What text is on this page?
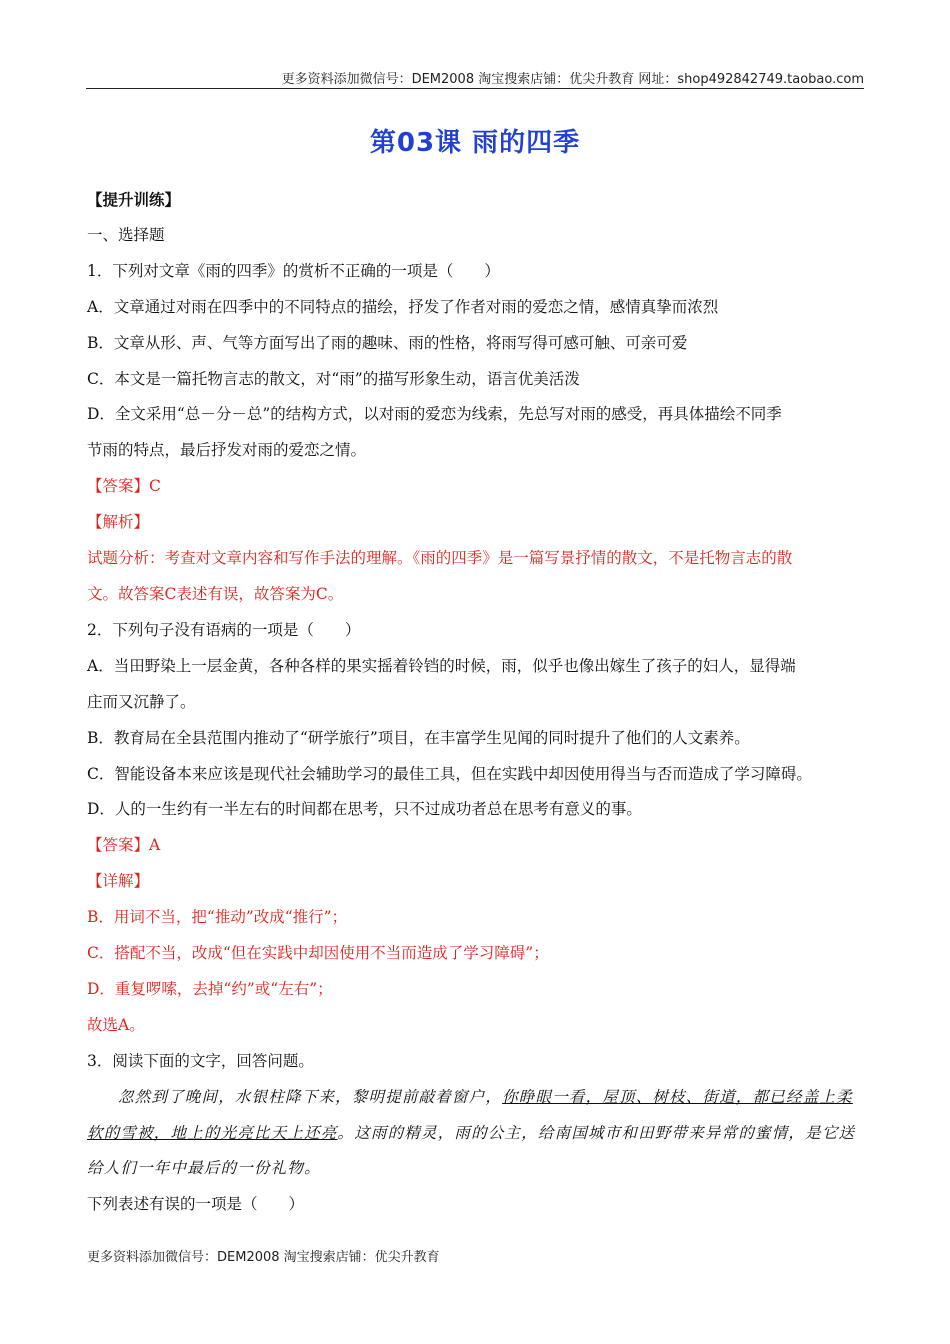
更多资料添加微信号：DEM2008 淘宝搜索店铺：优尖升教育 网址：shop492842749.taobao.com
第03课 雨的四季
【提升训练】
一、选择题
1．下列对文章《雨的四季》的赏析不正确的一项是（　　）
A．文章通过对雨在四季中的不同特点的描绘，抒发了作者对雨的爱恋之情，感情真挚而浓烈
B．文章从形、声、气等方面写出了雨的趣味、雨的性格，将雨写得可感可触、可亲可爱
C．本文是一篇托物言志的散文，对“雨”的描写形象生动，语言优美活泼
D．全文采用“总－分－总”的结构方式，以对雨的爱恋为线索，先总写对雨的感受，再具体描绘不同季
节雨的特点，最后抒发对雨的爱恋之情。
【答案】C
【解析】
试题分析：考查对文章内容和写作手法的理解。《雨的四季》是一篇写景抒情的散文，不是托物言志的散
文。故答案C表述有误，故答案为C。
2．下列句子没有语病的一项是（　　）
A．当田野染上一层金黄，各种各样的果实摇着铃铛的时候，雨，似乎也像出嫁生了孩子的妇人，显得端
庄而又沉静了。
B．教育局在全县范围内推动了“研学旅行”项目，在丰富学生见闻的同时提升了他们的人文素养。
C．智能设备本来应该是现代社会辅助学习的最佳工具，但在实践中却因使用得当与否而造成了学习障碍。
D．人的一生约有一半左右的时间都在思考，只不过成功者总在思考有意义的事。
【答案】A
【详解】
B．用词不当，把“推动”改成“推行”；
C．搭配不当，改成“但在实践中却因使用不当而造成了学习障碍”；
D．重复啰嗦，去掉“约”或“左右”；
故选A。
3．阅读下面的文字，回答问题。
忽然到了晚间，水银柱降下来，黎明提前敲着窗户，你睁眼一看，屋顶、树枝、街道，都已经盖上柔
软的雪被，地上的光亮比天上还亮。这雨的精灵，雨的公主，给南国城市和田野带来异常的蜜情，是它送
给人们一年中最后的一份礼物。
下列表述有误的一项是（　　）
更多资料添加微信号：DEM2008 淘宝搜索店铺：优尖升教育
